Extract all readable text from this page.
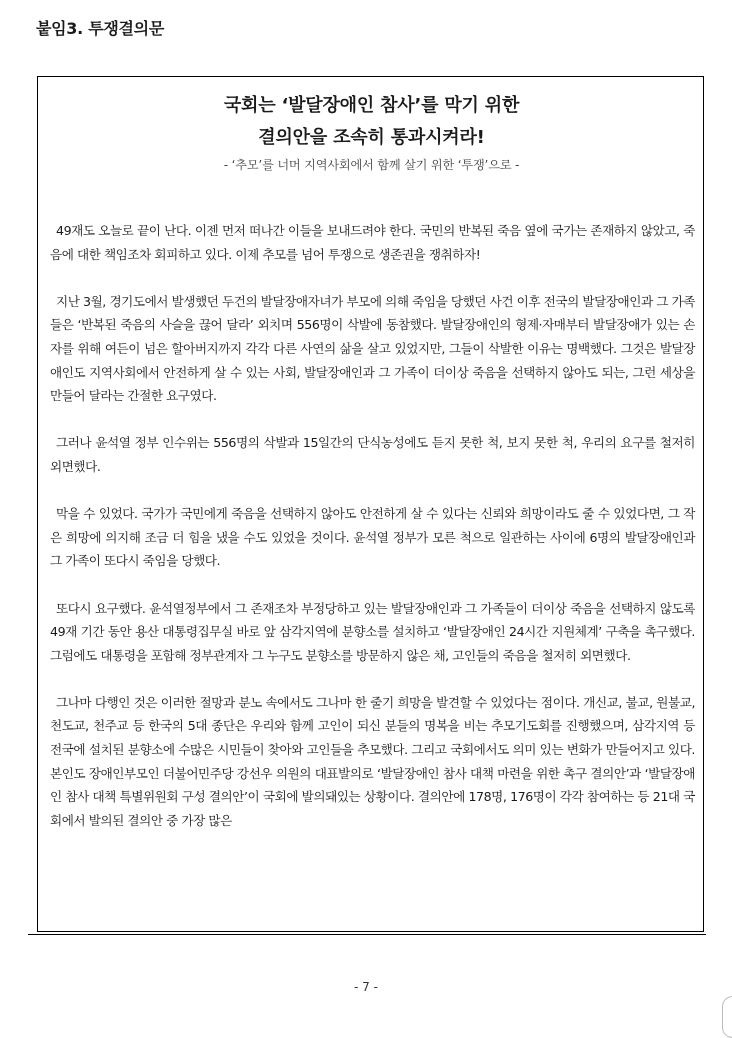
붙임3. 투쟁결의문
국회는 ‘발달장애인 참사’를 막기 위한
결의안을 조속히 통과시켜라!
- ‘추모’를 너머 지역사회에서 함께 살기 위한 ‘투쟁’으로 -

49재도 오늘로 끝이 난다. 이젠 먼저 떠나간 이들을 보내드려야 한다. 국민의 반복된 죽음 옆에 국가는 존재하지 않았고, 죽음에 대한 책임조차 회피하고 있다. 이제 추모를 넘어 투쟁으로 생존권을 쟁취하자!

지난 3월, 경기도에서 발생했던 두건의 발달장애자녀가 부모에 의해 죽임을 당했던 사건 이후 전국의 발달장애인과 그 가족들은 ‘반복된 죽음의 사슬을 끊어 달라’ 외치며 556명이 삭발에 동참했다. 발달장애인의 형제·자매부터 발달장애가 있는 손자를 위해 여든이 넘은 할아버지까지 각각 다른 사연의 삶을 살고 있었지만, 그들이 삭발한 이유는 명백했다. 그것은 발달장애인도 지역사회에서 안전하게 살 수 있는 사회, 발달장애인과 그 가족이 더이상 죽음을 선택하지 않아도 되는, 그런 세상을 만들어 달라는 간절한 요구였다.

그러나 윤석열 정부 인수위는 556명의 삭발과 15일간의 단식농성에도 듣지 못한 척, 보지 못한 척, 우리의 요구를 철저히 외면했다.

막을 수 있었다. 국가가 국민에게 죽음을 선택하지 않아도 안전하게 살 수 있다는 신뢰와 희망이라도 줄 수 있었다면, 그 작은 희망에 의지해 조금 더 힘을 냈을 수도 있었을 것이다. 윤석열 정부가 모른 척으로 일관하는 사이에 6명의 발달장애인과 그 가족이 또다시 죽임을 당했다.

또다시 요구했다. 윤석열정부에서 그 존재조차 부정당하고 있는 발달장애인과 그 가족들이 더이상 죽음을 선택하지 않도록 49재 기간 동안 용산 대통령집무실 바로 앞 삼각지역에 분향소를 설치하고 ‘발달장애인 24시간 지원체계’ 구축을 촉구했다. 그럼에도 대통령을 포함해 정부관계자 그 누구도 분향소를 방문하지 않은 채, 고인들의 죽음을 철저히 외면했다.

그나마 다행인 것은 이러한 절망과 분노 속에서도 그나마 한 줄기 희망을 발견할 수 있었다는 점이다. 개신교, 불교, 원불교, 천도교, 천주교 등 한국의 5대 종단은 우리와 함께 고인이 되신 분들의 명복을 비는 추모기도회를 진행했으며, 삼각지역 등 전국에 설치된 분향소에 수많은 시민들이 찾아와 고인들을 추모했다. 그리고 국회에서도 의미 있는 변화가 만들어지고 있다. 본인도 장애인부모인 더불어민주당 강선우 의원의 대표발의로 ‘발달장애인 참사 대책 마련을 위한 촉구 결의안’과 ‘발달장애인 참사 대책 특별위원회 구성 결의안’이 국회에 발의돼있는 상황이다. 결의안에 178명, 176명이 각각 참여하는 등 21대 국회에서 발의된 결의안 중 가장 많은

- 7 -
